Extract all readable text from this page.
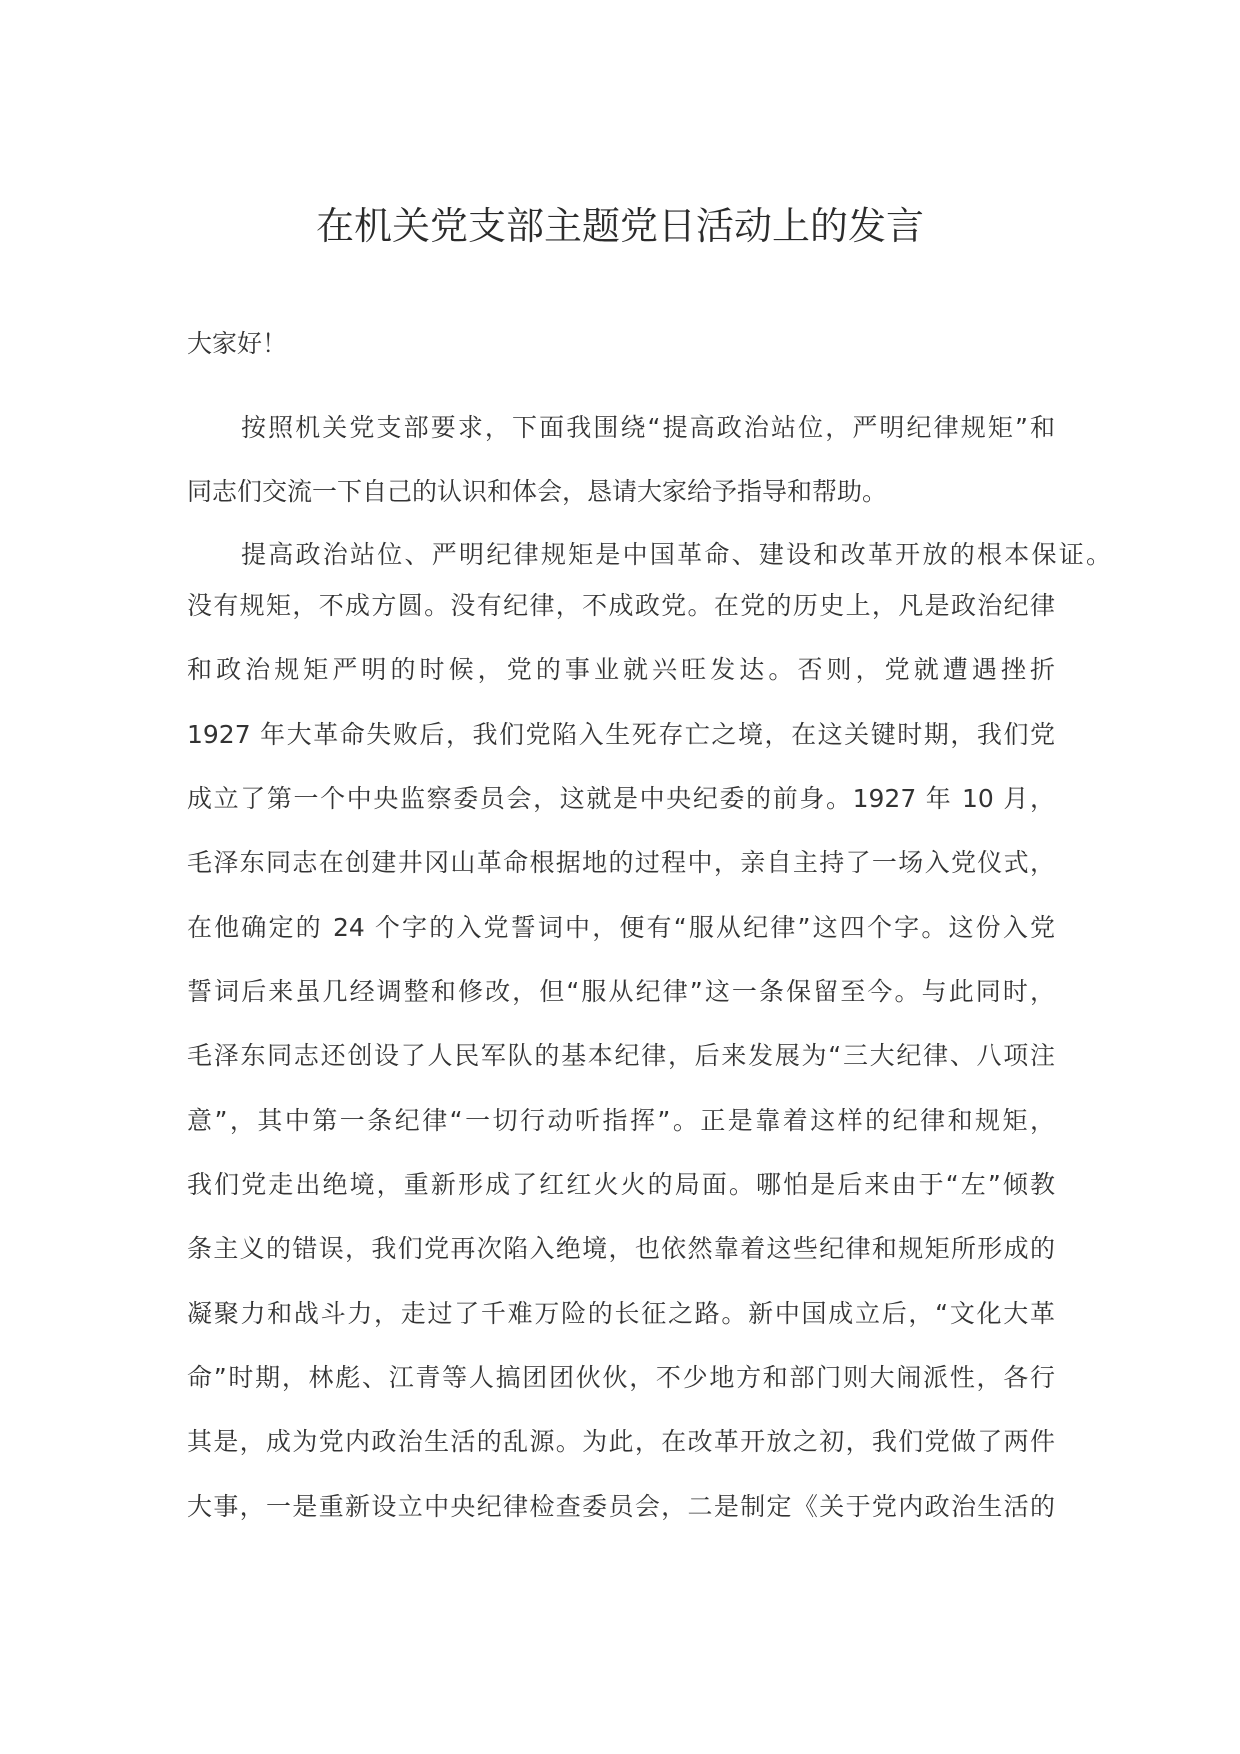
在机关党支部主题党日活动上的发言

大家好！

按照机关党支部要求，下面我围绕“提高政治站位，严明纪律规矩”和

同志们交流一下自己的认识和体会，恳请大家给予指导和帮助。

提高政治站位、严明纪律规矩是中国革命、建设和改革开放的根本保证。

没有规矩，不成方圆。没有纪律，不成政党。在党的历史上，凡是政治纪律

和政治规矩严明的时候，党的事业就兴旺发达。否则，党就遭遇挫折

1927 年大革命失败后，我们党陷入生死存亡之境，在这关键时期，我们党

成立了第一个中央监察委员会，这就是中央纪委的前身。1927 年 10 月，

毛泽东同志在创建井冈山革命根据地的过程中，亲自主持了一场入党仪式，

在他确定的 24 个字的入党誓词中，便有“服从纪律”这四个字。这份入党

誓词后来虽几经调整和修改，但“服从纪律”这一条保留至今。与此同时，

毛泽东同志还创设了人民军队的基本纪律，后来发展为“三大纪律、八项注

意”，其中第一条纪律“一切行动听指挥”。正是靠着这样的纪律和规矩，

我们党走出绝境，重新形成了红红火火的局面。哪怕是后来由于“左”倾教

条主义的错误，我们党再次陷入绝境，也依然靠着这些纪律和规矩所形成的

凝聚力和战斗力，走过了千难万险的长征之路。新中国成立后，“文化大革

命”时期，林彪、江青等人搞团团伙伙，不少地方和部门则大闹派性，各行

其是，成为党内政治生活的乱源。为此，在改革开放之初，我们党做了两件

大事，一是重新设立中央纪律检查委员会，二是制定《关于党内政治生活的
